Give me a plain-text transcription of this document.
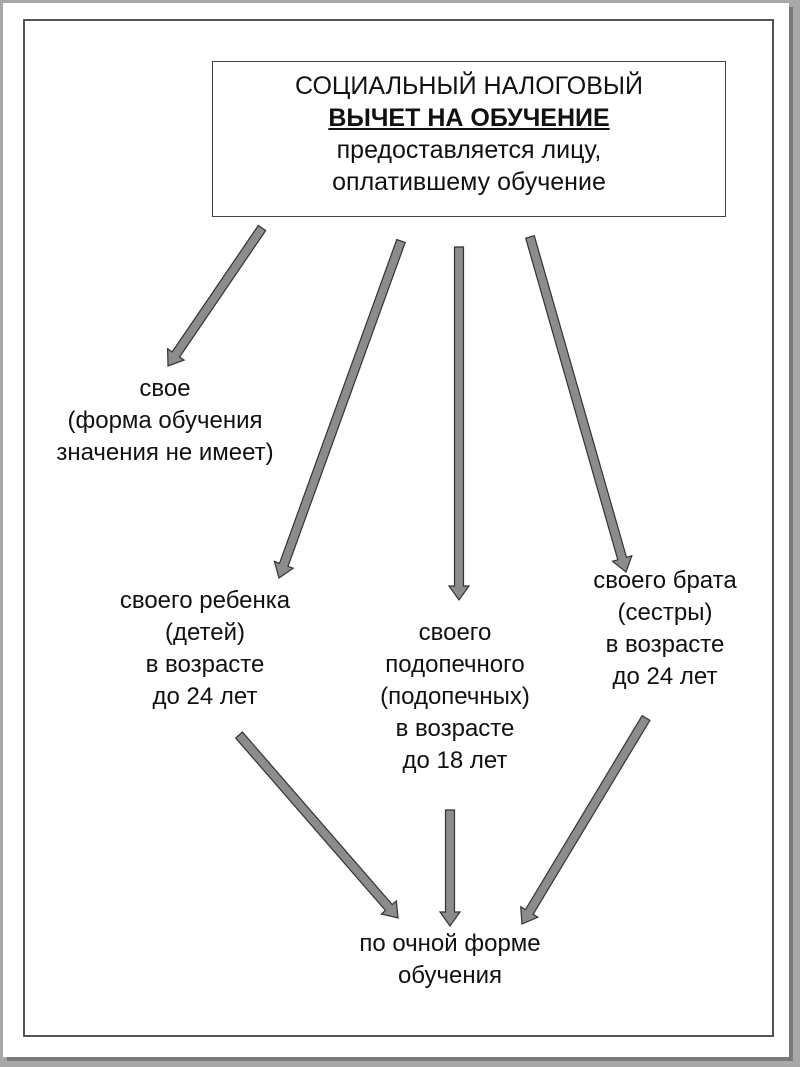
СОЦИАЛЬНЫЙ НАЛОГОВЫЙ
ВЫЧЕТ НА ОБУЧЕНИЕ
предоставляется лицу,
оплатившему обучение
свое
(форма обучения
значения не имеет)
своего ребенка
(детей)
в возрасте
до 24 лет
своего
подопечного
(подопечных)
в возрасте
до 18 лет
своего брата
(сестры)
в возрасте
до 24 лет
по очной форме
обучения
